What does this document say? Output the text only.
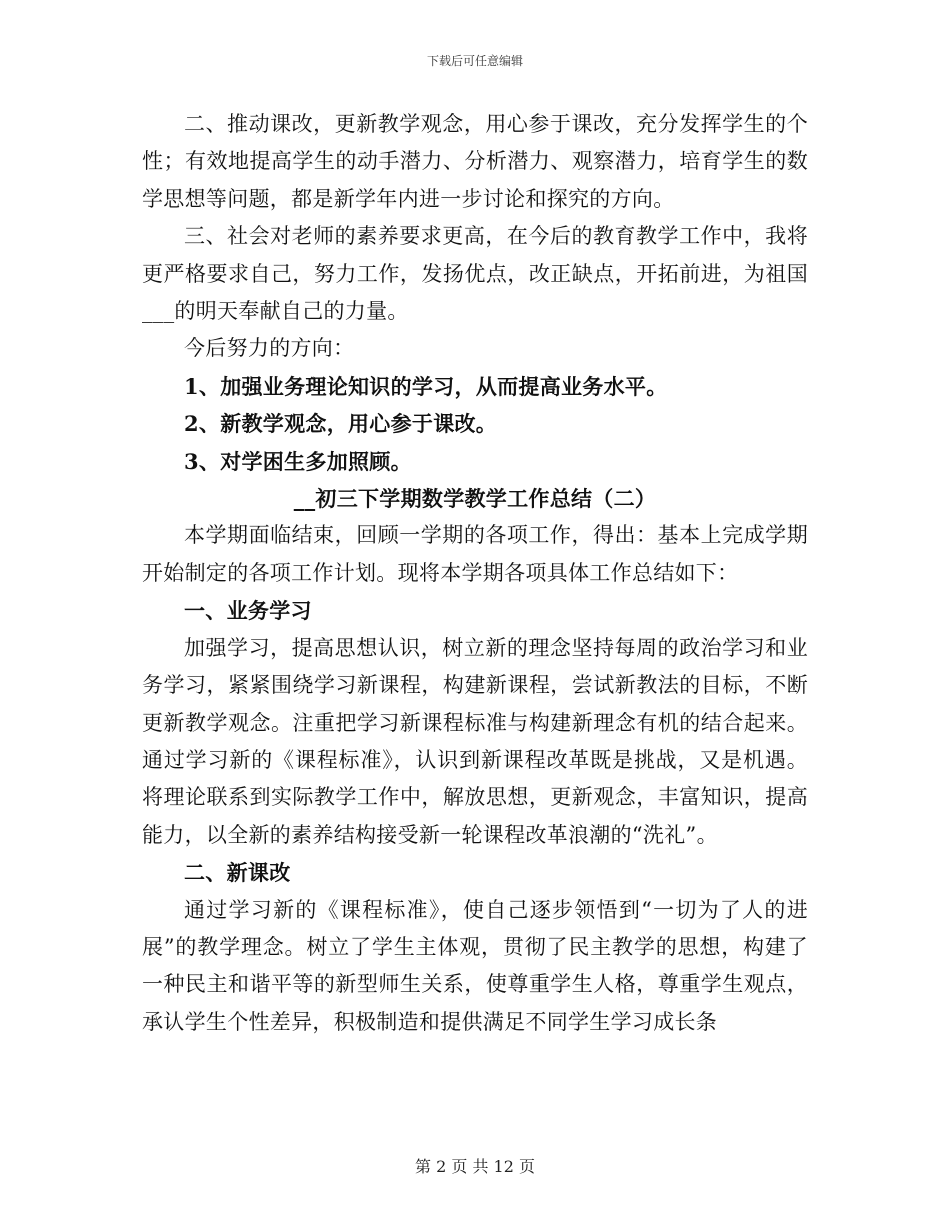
下载后可任意编辑

二、推动课改，更新教学观念，用心参于课改，充分发挥学生的个性；有效地提高学生的动手潜力、分析潜力、观察潜力，培育学生的数学思想等问题，都是新学年内进一步讨论和探究的方向。

三、社会对老师的素养要求更高，在今后的教育教学工作中，我将更严格要求自己，努力工作，发扬优点，改正缺点，开拓前进，为祖国___的明天奉献自己的力量。

今后努力的方向：

1、加强业务理论知识的学习，从而提高业务水平。

2、新教学观念，用心参于课改。

3、对学困生多加照顾。

__初三下学期数学教学工作总结（二）

本学期面临结束，回顾一学期的各项工作，得出：基本上完成学期开始制定的各项工作计划。现将本学期各项具体工作总结如下：

一、业务学习

加强学习，提高思想认识，树立新的理念坚持每周的政治学习和业务学习，紧紧围绕学习新课程，构建新课程，尝试新教法的目标，不断更新教学观念。注重把学习新课程标准与构建新理念有机的结合起来。通过学习新的《课程标准》，认识到新课程改革既是挑战，又是机遇。将理论联系到实际教学工作中，解放思想，更新观念，丰富知识，提高能力，以全新的素养结构接受新一轮课程改革浪潮的“洗礼”。

二、新课改

通过学习新的《课程标准》，使自己逐步领悟到“一切为了人的进展”的教学理念。树立了学生主体观，贯彻了民主教学的思想，构建了一种民主和谐平等的新型师生关系，使尊重学生人格，尊重学生观点，承认学生个性差异，积极制造和提供满足不同学生学习成长条

第 2 页 共 12 页
